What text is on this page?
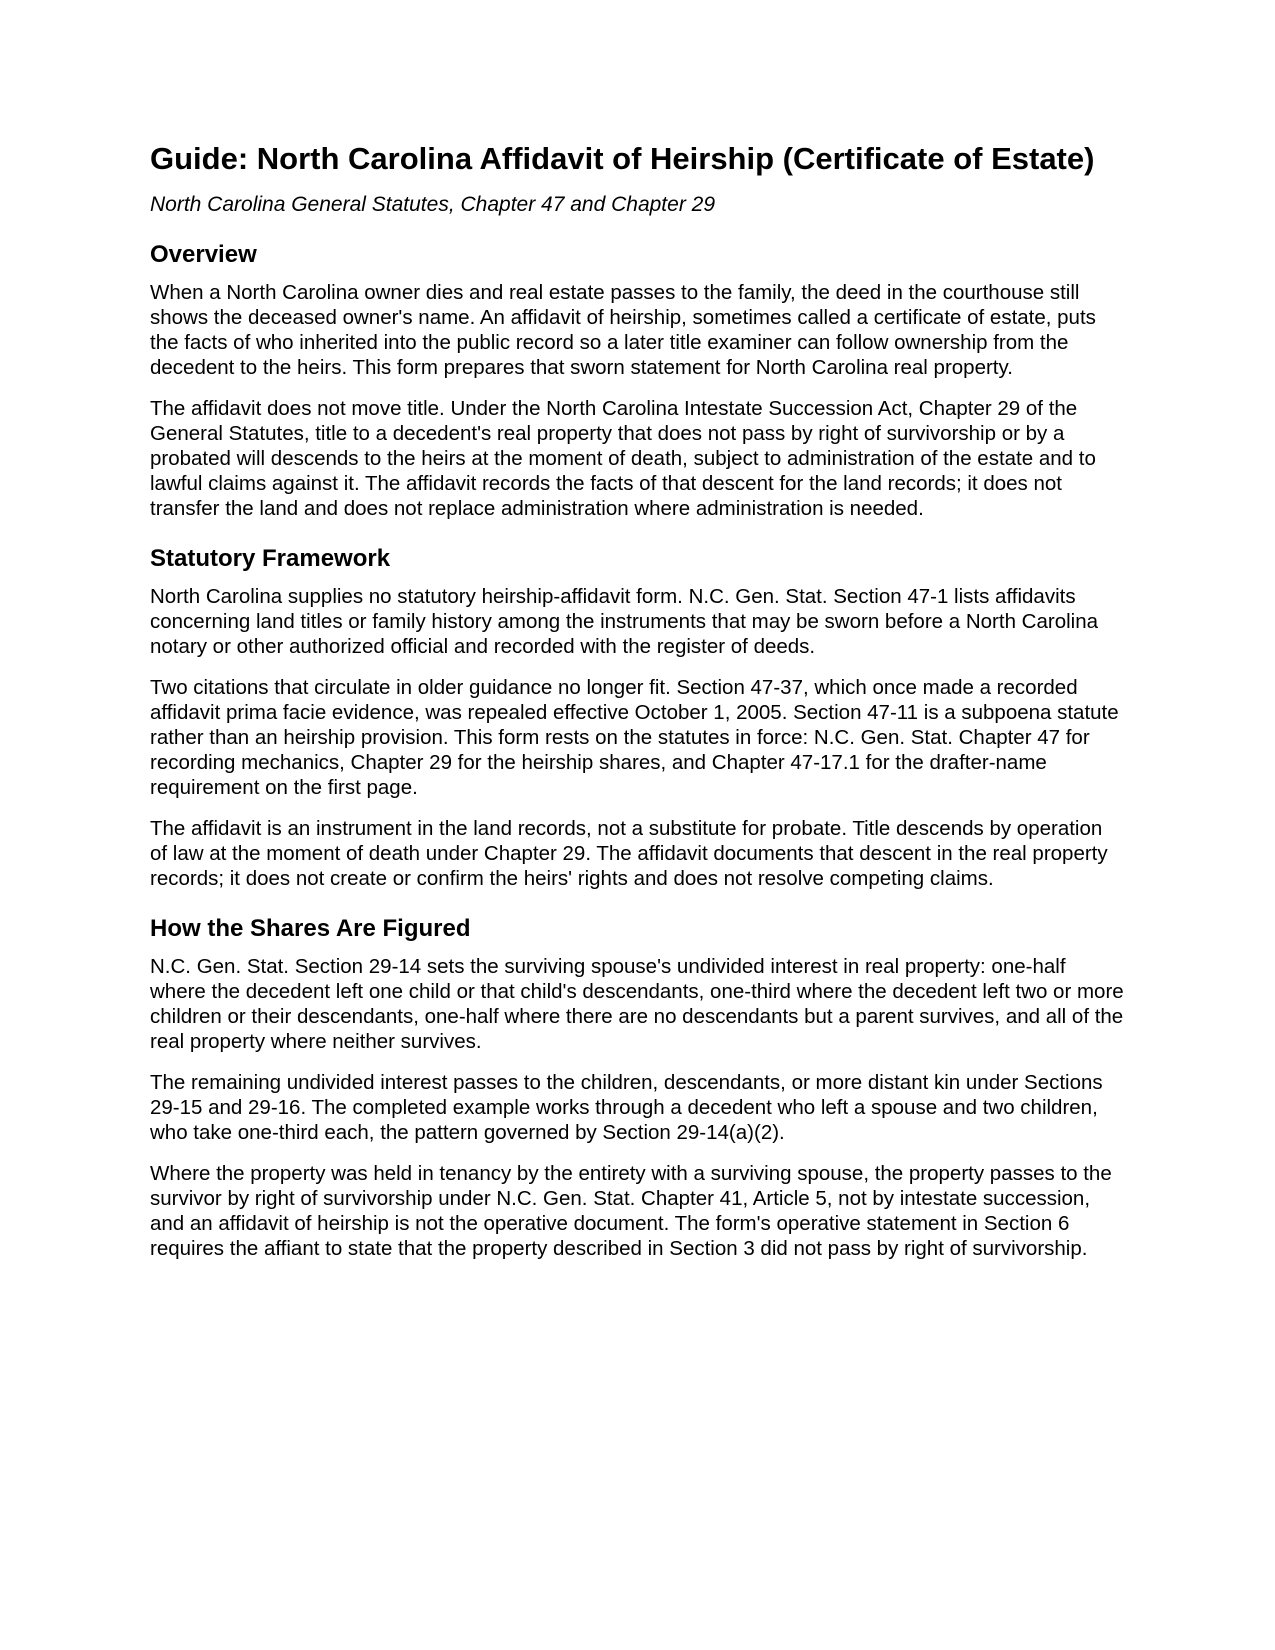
Guide: North Carolina Affidavit of Heirship (Certificate of Estate)

North Carolina General Statutes, Chapter 47 and Chapter 29

Overview

When a North Carolina owner dies and real estate passes to the family, the deed in the courthouse still shows the deceased owner's name. An affidavit of heirship, sometimes called a certificate of estate, puts the facts of who inherited into the public record so a later title examiner can follow ownership from the decedent to the heirs. This form prepares that sworn statement for North Carolina real property.

The affidavit does not move title. Under the North Carolina Intestate Succession Act, Chapter 29 of the General Statutes, title to a decedent's real property that does not pass by right of survivorship or by a probated will descends to the heirs at the moment of death, subject to administration of the estate and to lawful claims against it. The affidavit records the facts of that descent for the land records; it does not transfer the land and does not replace administration where administration is needed.

Statutory Framework

North Carolina supplies no statutory heirship-affidavit form. N.C. Gen. Stat. Section 47-1 lists affidavits concerning land titles or family history among the instruments that may be sworn before a North Carolina notary or other authorized official and recorded with the register of deeds.

Two citations that circulate in older guidance no longer fit. Section 47-37, which once made a recorded affidavit prima facie evidence, was repealed effective October 1, 2005. Section 47-11 is a subpoena statute rather than an heirship provision. This form rests on the statutes in force: N.C. Gen. Stat. Chapter 47 for recording mechanics, Chapter 29 for the heirship shares, and Chapter 47-17.1 for the drafter-name requirement on the first page.

The affidavit is an instrument in the land records, not a substitute for probate. Title descends by operation of law at the moment of death under Chapter 29. The affidavit documents that descent in the real property records; it does not create or confirm the heirs' rights and does not resolve competing claims.

How the Shares Are Figured

N.C. Gen. Stat. Section 29-14 sets the surviving spouse's undivided interest in real property: one-half where the decedent left one child or that child's descendants, one-third where the decedent left two or more children or their descendants, one-half where there are no descendants but a parent survives, and all of the real property where neither survives.

The remaining undivided interest passes to the children, descendants, or more distant kin under Sections 29-15 and 29-16. The completed example works through a decedent who left a spouse and two children, who take one-third each, the pattern governed by Section 29-14(a)(2).

Where the property was held in tenancy by the entirety with a surviving spouse, the property passes to the survivor by right of survivorship under N.C. Gen. Stat. Chapter 41, Article 5, not by intestate succession, and an affidavit of heirship is not the operative document. The form's operative statement in Section 6 requires the affiant to state that the property described in Section 3 did not pass by right of survivorship.
